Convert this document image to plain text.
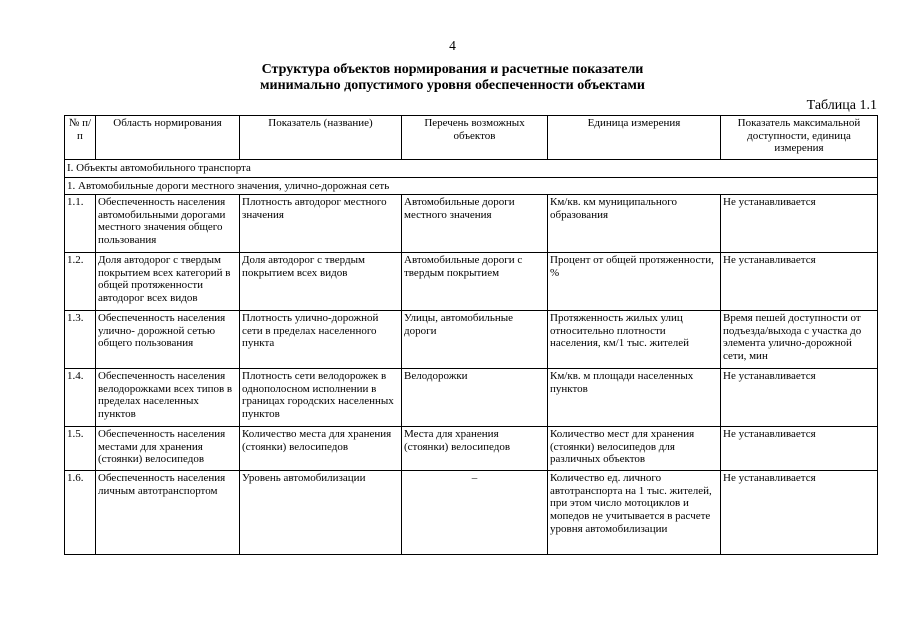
4
Структура объектов нормирования и расчетные показатели
минимально допустимого уровня обеспеченности объектами
Таблица 1.1
№ п/п	Область нормирования	Показатель (название)	Перечень возможных объектов	Единица измерения	Показатель максимальной доступности, единица измерения
I. Объекты автомобильного транспорта					
1. Автомобильные дороги местного значения, улично-дорожная сеть					
1.1.	Обеспеченность населения автомобильными дорогами местного значения общего пользования	Плотность автодорог местного значения	Автомобильные дороги местного значения	Км/кв. км муниципального образования	Не устанавливается
1.2.	Доля автодорог с твердым покрытием всех категорий в общей протяженности автодорог всех видов	Доля автодорог с твердым покрытием всех видов	Автомобильные дороги с твердым покрытием	Процент от общей протяженности, %	Не устанавливается
1.3.	Обеспеченность населения улично- дорожной сетью общего пользования	Плотность улично-дорожной сети в пределах населенного пункта	Улицы, автомобильные дороги	Протяженность жилых улиц относительно плотности населения, км/1 тыс. жителей	Время пешей доступности от подъезда/выхода с участка до элемента улично-дорожной сети, мин
1.4.	Обеспеченность населения велодорожками всех типов в пределах населенных пунктов	Плотность сети велодорожек в однополосном исполнении в границах городских населенных пунктов	Велодорожки	Км/кв. м площади населенных пунктов	Не устанавливается
1.5.	Обеспеченность населения местами для хранения (стоянки) велосипедов	Количество места для хранения (стоянки) велосипедов	Места для хранения (стоянки) велосипедов	Количество мест для хранения (стоянки) велосипедов для различных объектов	Не устанавливается
1.6.	Обеспеченность населения личным автотранспортом	Уровень автомобилизации	–	Количество ед. личного автотранспорта на 1 тыс. жителей, при этом число мотоциклов и мопедов не учитывается в расчете уровня автомобилизации	Не устанавливается
